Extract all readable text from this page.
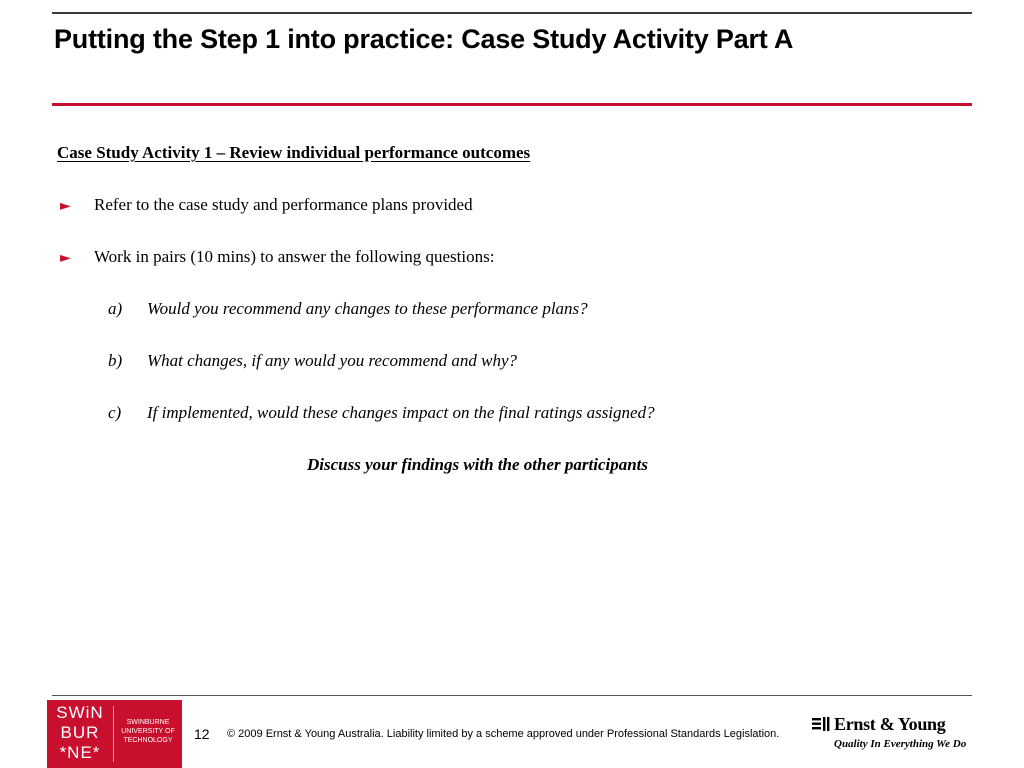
Putting the Step 1 into practice: Case Study Activity Part A
Case Study Activity 1 – Review individual performance outcomes
► Refer to the case study and performance plans provided
► Work in pairs (10 mins) to answer the following questions:
a) Would you recommend any changes to these performance plans?
b) What changes, if any would you recommend and why?
c) If implemented, would these changes impact on the final ratings assigned?
Discuss your findings with the other participants
SWiN
BUR
*NE*
SWINBURNE UNIVERSITY OF TECHNOLOGY	12 © 2009 Ernst & Young Australia. Liability limited by a scheme approved under Professional Standards Legislation.	Ernst & Young
Quality In Everything We Do
